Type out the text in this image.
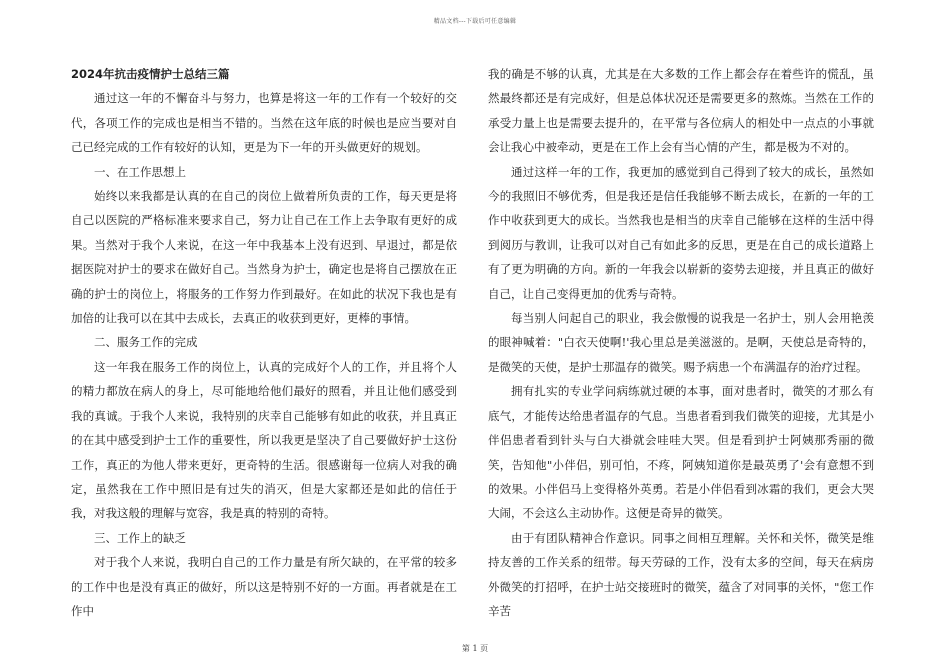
精品文档---下载后可任意编辑
2024年抗击疫情护士总结三篇

通过这一年的不懈奋斗与努力，也算是将这一年的工作有一个较好的交代，各项工作的完成也是相当不错的。当然在这年底的时候也是应当要对自己已经完成的工作有较好的认知，更是为下一年的开头做更好的规划。

一、在工作思想上

始终以来我都是认真的在自己的岗位上做着所负责的工作，每天更是将自己以医院的严格标准来要求自己，努力让自己在工作上去争取有更好的成果。当然对于我个人来说，在这一年中我基本上没有迟到、早退过，都是依据医院对护士的要求在做好自己。当然身为护士，确定也是将自己摆放在正确的护士的岗位上，将服务的工作努力作到最好。在如此的状况下我也是有加倍的让我可以在其中去成长，去真正的收获到更好，更棒的事情。

二、服务工作的完成

这一年我在服务工作的岗位上，认真的完成好个人的工作，并且将个人的精力都放在病人的身上，尽可能地给他们最好的照看，并且让他们感受到我的真诚。于我个人来说，我特别的庆幸自己能够有如此的收获，并且真正的在其中感受到护士工作的重要性，所以我更是坚决了自己要做好护士这份工作，真正的为他人带来更好，更奇特的生活。很感谢每一位病人对我的确定，虽然我在工作中照旧是有过失的消灭，但是大家都还是如此的信任于我，对我这般的理解与宽容，我是真的特别的奇特。

三、工作上的缺乏

对于我个人来说，我明白自己的工作力量是有所欠缺的，在平常的较多的工作中也是没有真正的做好，所以这是特别不好的一方面。再者就是在工作中

我的确是不够的认真，尤其是在大多数的工作上都会存在着些许的慌乱，虽然最终都还是有完成好，但是总体状况还是需要更多的熬炼。当然在工作的承受力量上也是需要去提升的，在平常与各位病人的相处中一点点的小事就会让我心中被牵动，更是在工作上会有当心情的产生，都是极为不对的。

通过这样一年的工作，我更加的感觉到自己得到了较大的成长，虽然如今的我照旧不够优秀，但是我还是信任我能够不断去成长，在新的一年的工作中收获到更大的成长。当然我也是相当的庆幸自己能够在这样的生活中得到阅历与教训，让我可以对自己有如此多的反思，更是在自己的成长道路上有了更为明确的方向。新的一年我会以崭新的姿势去迎接，并且真正的做好自己，让自己变得更加的优秀与奇特。

每当别人问起自己的职业，我会傲慢的说我是一名护士，别人会用艳羡的眼神喊着："白衣天使啊!'我心里总是美滋滋的。是啊，天使总是奇特的，是微笑的天使，是护士那温存的微笑。赐予病患一个布满温存的治疗过程。

拥有扎实的专业学问病练就过硬的本事，面对患者时，微笑的才那么有底气，才能传达给患者温存的气息。当患者看到我们微笑的迎接，尤其是小伴侣患者看到针头与白大褂就会哇哇大哭。但是看到护士阿姨那秀丽的微笑，告知他"小伴侣，别可怕，不疼，阿姨知道你是最英勇了'会有意想不到的效果。小伴侣马上变得格外英勇。若是小伴侣看到冰霜的我们，更会大哭大闹，不会这么主动协作。这便是奇异的微笑。

由于有团队精神合作意识。同事之间相互理解。关怀和关怀，微笑是维持友善的工作关系的纽带。每天劳碌的工作，没有太多的空间，每天在病房外微笑的打招呼，在护士站交接班时的微笑，蕴含了对同事的关怀，"您工作辛苦

第 1 页
